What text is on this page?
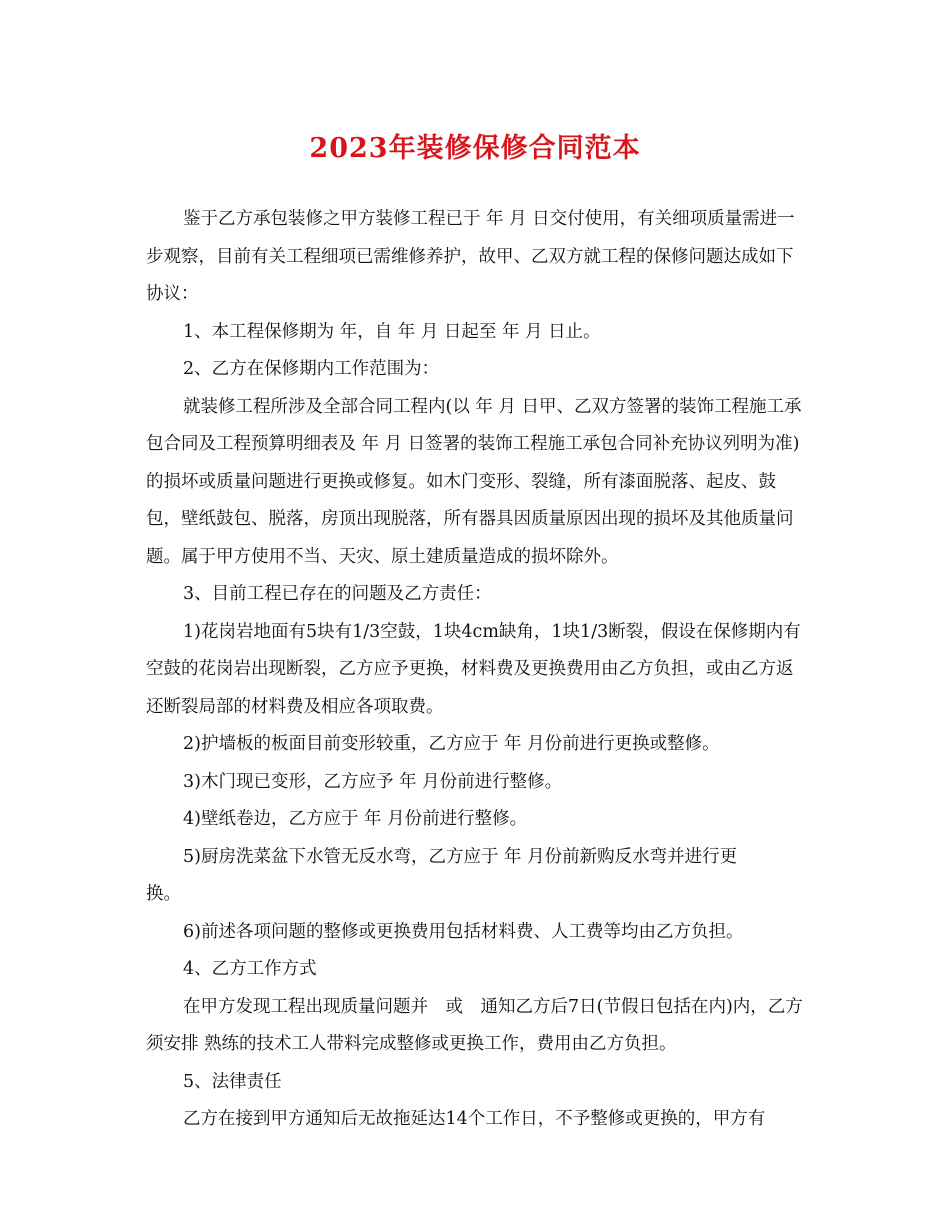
2023年装修保修合同范本

鉴于乙方承包装修之甲方装修工程已于 年 月 日交付使用，有关细项质量需进一步观察，目前有关工程细项已需维修养护，故甲、乙双方就工程的保修问题达成如下协议：

1、本工程保修期为 年，自 年 月 日起至 年 月 日止。

2、乙方在保修期内工作范围为：

就装修工程所涉及全部合同工程内(以 年 月 日甲、乙双方签署的装饰工程施工承包合同及工程预算明细表及 年 月 日签署的装饰工程施工承包合同补充协议列明为准)的损坏或质量问题进行更换或修复。如木门变形、裂缝，所有漆面脱落、起皮、鼓包，壁纸鼓包、脱落，房顶出现脱落，所有器具因质量原因出现的损坏及其他质量问题。属于甲方使用不当、天灾、原土建质量造成的损坏除外。

3、目前工程已存在的问题及乙方责任：

1)花岗岩地面有5块有1/3空鼓，1块4cm缺角，1块1/3断裂，假设在保修期内有空鼓的花岗岩出现断裂，乙方应予更换，材料费及更换费用由乙方负担，或由乙方返还断裂局部的材料费及相应各项取费。

2)护墙板的板面目前变形较重，乙方应于 年 月份前进行更换或整修。

3)木门现已变形，乙方应予 年 月份前进行整修。

4)壁纸卷边，乙方应于 年 月份前进行整修。

5)厨房洗菜盆下水管无反水弯，乙方应于 年 月份前新购反水弯并进行更

换。

6)前述各项问题的整修或更换费用包括材料费、人工费等均由乙方负担。

4、乙方工作方式

在甲方发现工程出现质量问题并　或　通知乙方后7日(节假日包括在内)内，乙方须安排 熟练的技术工人带料完成整修或更换工作，费用由乙方负担。

5、法律责任

乙方在接到甲方通知后无故拖延达14个工作日，不予整修或更换的，甲方有
